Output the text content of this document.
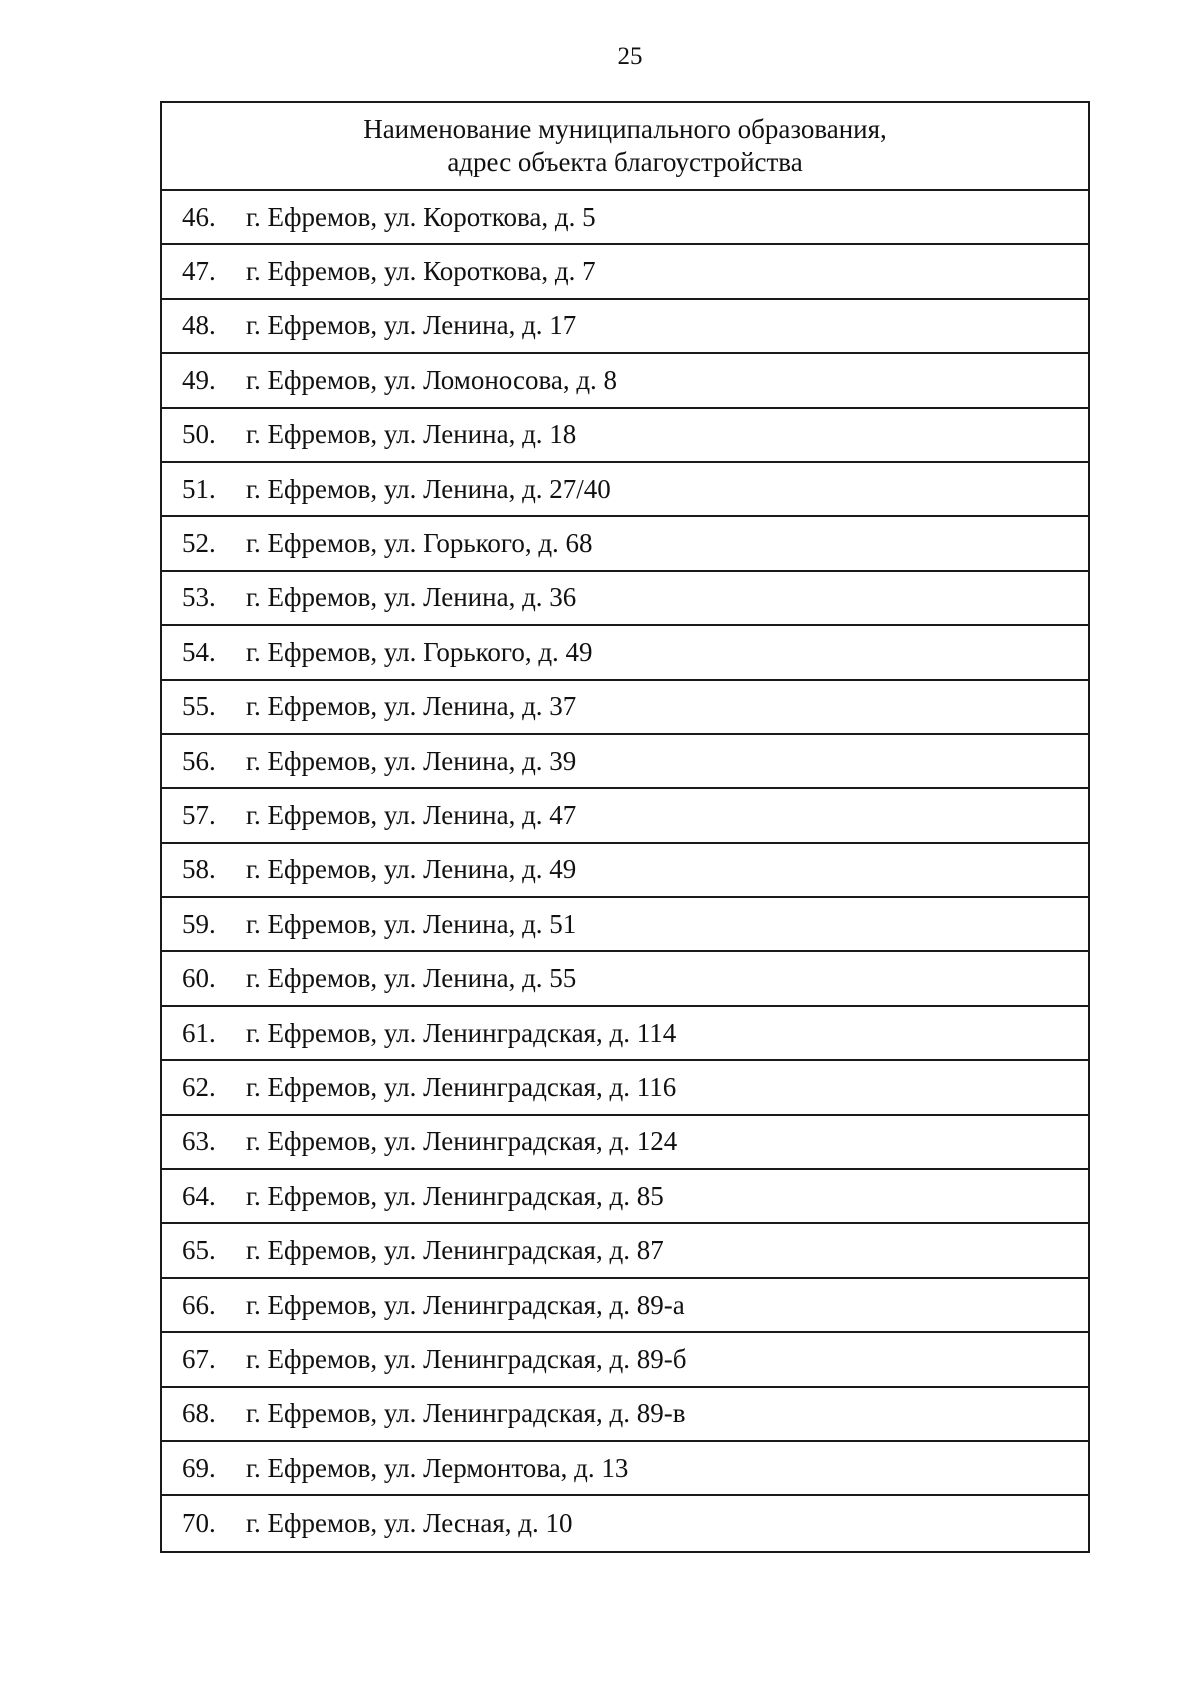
25
Наименование муниципального образования,
адрес объекта благоустройства
46.	г. Ефремов, ул. Короткова, д. 5
47.	г. Ефремов, ул. Короткова, д. 7
48.	г. Ефремов, ул. Ленина, д. 17
49.	г. Ефремов, ул. Ломоносова, д. 8
50.	г. Ефремов, ул. Ленина, д. 18
51.	г. Ефремов, ул. Ленина, д. 27/40
52.	г. Ефремов, ул. Горького, д. 68
53.	г. Ефремов, ул. Ленина, д. 36
54.	г. Ефремов, ул. Горького, д. 49
55.	г. Ефремов, ул. Ленина, д. 37
56.	г. Ефремов, ул. Ленина, д. 39
57.	г. Ефремов, ул. Ленина, д. 47
58.	г. Ефремов, ул. Ленина, д. 49
59.	г. Ефремов, ул. Ленина, д. 51
60.	г. Ефремов, ул. Ленина, д. 55
61.	г. Ефремов, ул. Ленинградская, д. 114
62.	г. Ефремов, ул. Ленинградская, д. 116
63.	г. Ефремов, ул. Ленинградская, д. 124
64.	г. Ефремов, ул. Ленинградская, д. 85
65.	г. Ефремов, ул. Ленинградская, д. 87
66.	г. Ефремов, ул. Ленинградская, д. 89-а
67.	г. Ефремов, ул. Ленинградская, д. 89-б
68.	г. Ефремов, ул. Ленинградская, д. 89-в
69.	г. Ефремов, ул. Лермонтова, д. 13
70.	г. Ефремов, ул. Лесная, д. 10
